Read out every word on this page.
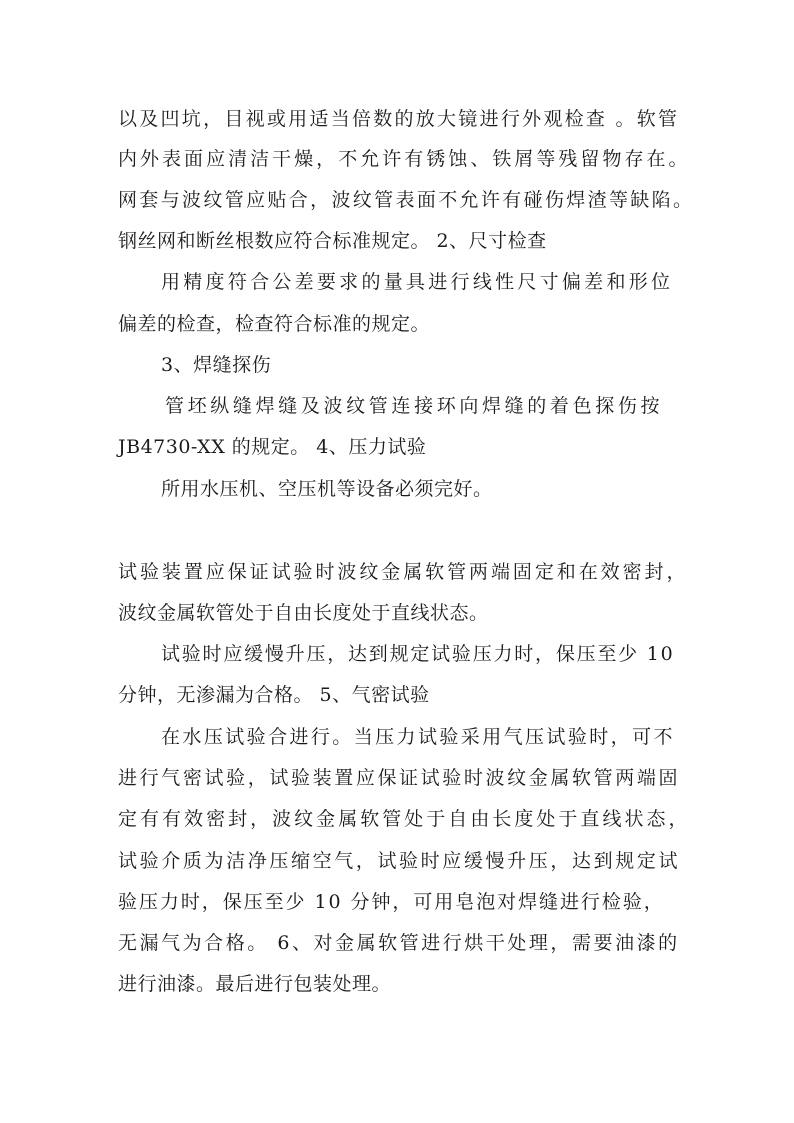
以及凹坑，目视或用适当倍数的放大镜进行外观检查 。软管
内外表面应清洁干燥，不允许有锈蚀、铁屑等残留物存在。
网套与波纹管应贴合，波纹管表面不允许有碰伤焊渣等缺陷。
钢丝网和断丝根数应符合标准规定。 2、尺寸检查
用精度符合公差要求的量具进行线性尺寸偏差和形位
偏差的检查，检查符合标准的规定。
3、焊缝探伤
管坯纵缝焊缝及波纹管连接环向焊缝的着色探伤按
JB4730-XX 的规定。 4、压力试验
所用水压机、空压机等设备必须完好。
试验装置应保证试验时波纹金属软管两端固定和在效密封，
波纹金属软管处于自由长度处于直线状态。
试验时应缓慢升压，达到规定试验压力时，保压至少 10
分钟，无渗漏为合格。 5、气密试验
在水压试验合进行。当压力试验采用气压试验时，可不
进行气密试验，试验装置应保证试验时波纹金属软管两端固
定有有效密封，波纹金属软管处于自由长度处于直线状态，
试验介质为洁净压缩空气，试验时应缓慢升压，达到规定试
验压力时，保压至少 10 分钟，可用皂泡对焊缝进行检验，
无漏气为合格。 6、对金属软管进行烘干处理，需要油漆的
进行油漆。最后进行包装处理。
